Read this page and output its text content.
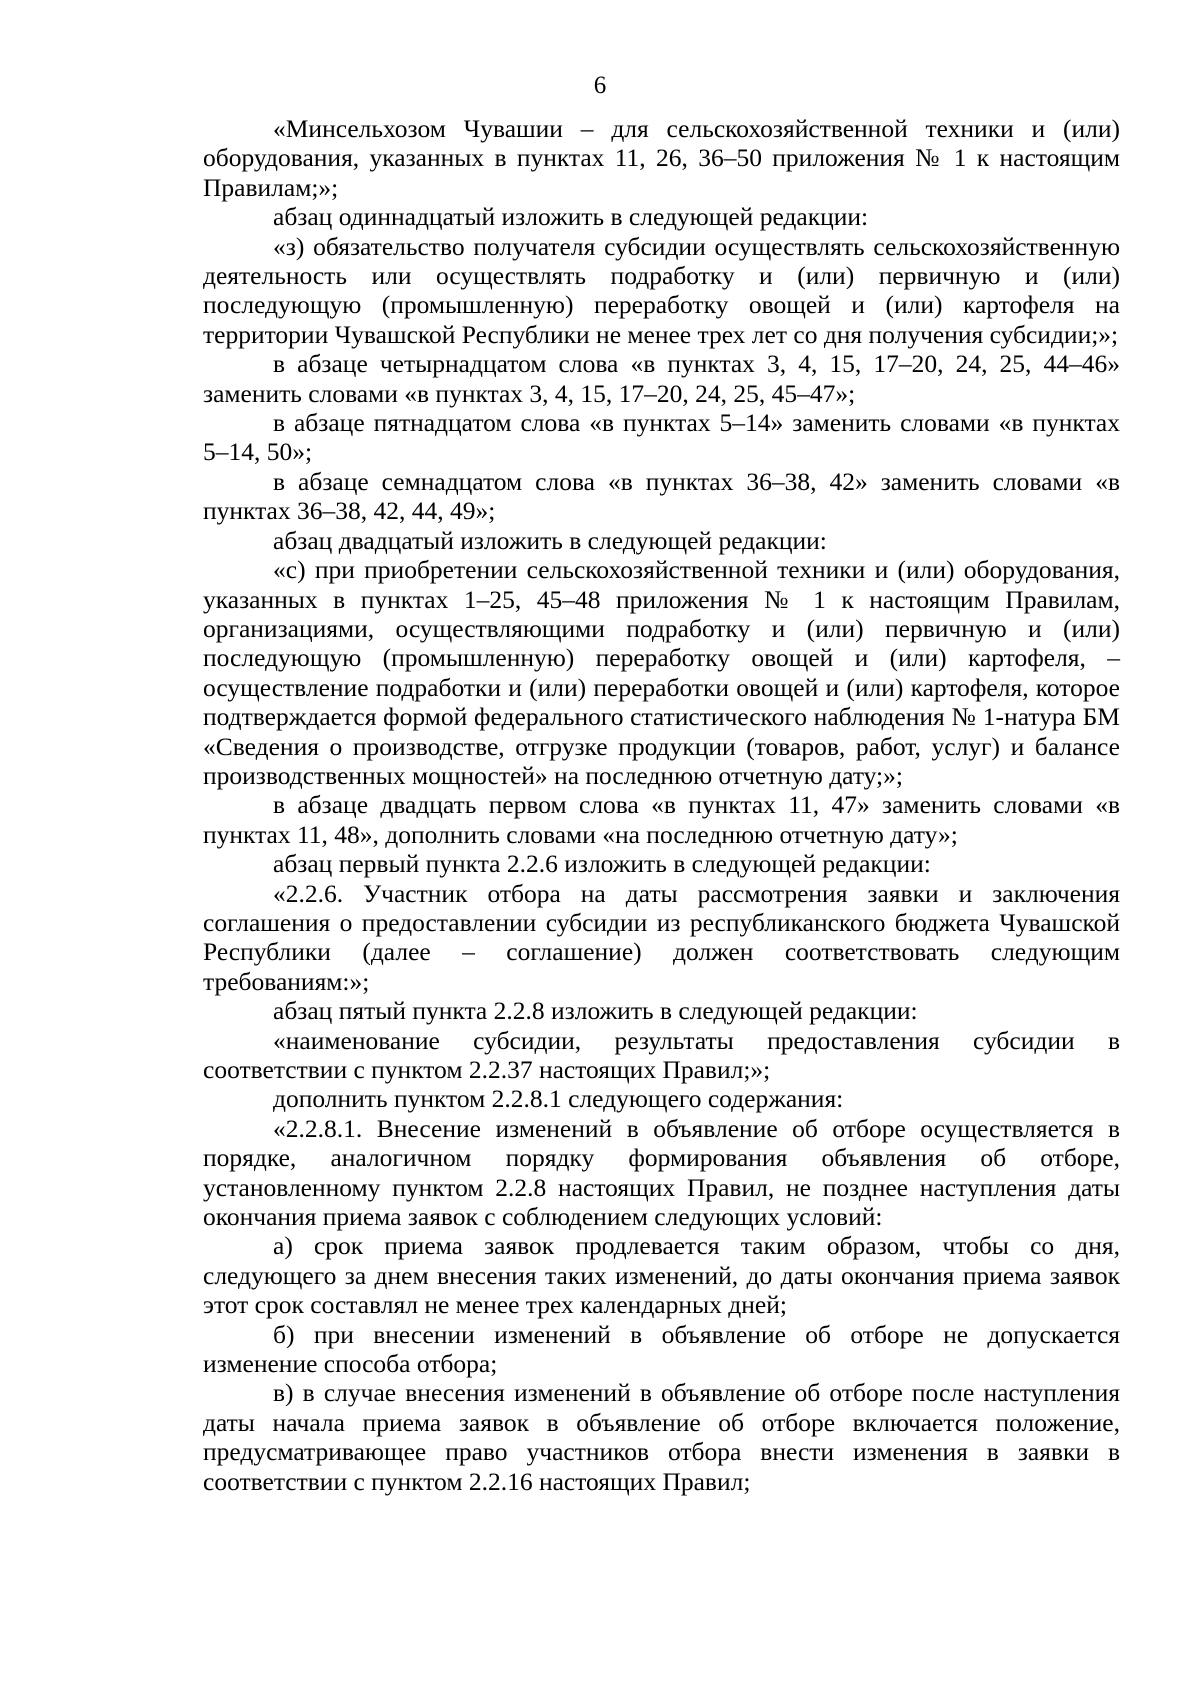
6

«Минсельхозом Чувашии – для сельскохозяйственной техники и (или) оборудования, указанных в пунктах 11, 26, 36–50 приложения № 1 к настоящим Правилам;»;

абзац одиннадцатый изложить в следующей редакции:

«з) обязательство получателя субсидии осуществлять сельскохозяйственную деятельность или осуществлять подработку и (или) первичную и (или) последующую (промышленную) переработку овощей и (или) картофеля на территории Чувашской Республики не менее трех лет со дня получения субсидии;»;

в абзаце четырнадцатом слова «в пунктах 3, 4, 15, 17–20, 24, 25, 44–46» заменить словами «в пунктах 3, 4, 15, 17–20, 24, 25, 45–47»;

в абзаце пятнадцатом слова «в пунктах 5–14» заменить словами «в пунктах 5–14, 50»;

в абзаце семнадцатом слова «в пунктах 36–38, 42» заменить словами «в пунктах 36–38, 42, 44, 49»;

абзац двадцатый изложить в следующей редакции:

«с) при приобретении сельскохозяйственной техники и (или) оборудования, указанных в пунктах 1–25, 45–48 приложения № 1 к настоящим Правилам, организациями, осуществляющими подработку и (или) первичную и (или) последующую (промышленную) переработку овощей и (или) картофеля, – осуществление подработки и (или) переработки овощей и (или) картофеля, которое подтверждается формой федерального статистического наблюдения № 1-натура БМ «Сведения о производстве, отгрузке продукции (товаров, работ, услуг) и балансе производственных мощностей» на последнюю отчетную дату;»;

в абзаце двадцать первом слова «в пунктах 11, 47» заменить словами «в пунктах 11, 48», дополнить словами «на последнюю отчетную дату»;

абзац первый пункта 2.2.6 изложить в следующей редакции:

«2.2.6. Участник отбора на даты рассмотрения заявки и заключения соглашения о предоставлении субсидии из республиканского бюджета Чувашской Республики (далее – соглашение) должен соответствовать следующим требованиям:»;

абзац пятый пункта 2.2.8 изложить в следующей редакции:

«наименование субсидии, результаты предоставления субсидии в соответствии с пунктом 2.2.37 настоящих Правил;»;

дополнить пунктом 2.2.8.1 следующего содержания:

«2.2.8.1. Внесение изменений в объявление об отборе осуществляется в порядке, аналогичном порядку формирования объявления об отборе, установленному пунктом 2.2.8 настоящих Правил, не позднее наступления даты окончания приема заявок с соблюдением следующих условий:

а) срок приема заявок продлевается таким образом, чтобы со дня, следующего за днем внесения таких изменений, до даты окончания приема заявок этот срок составлял не менее трех календарных дней;

б) при внесении изменений в объявление об отборе не допускается изменение способа отбора;

в) в случае внесения изменений в объявление об отборе после наступления даты начала приема заявок в объявление об отборе включается положение, предусматривающее право участников отбора внести изменения в заявки в соответствии с пунктом 2.2.16 настоящих Правил;
